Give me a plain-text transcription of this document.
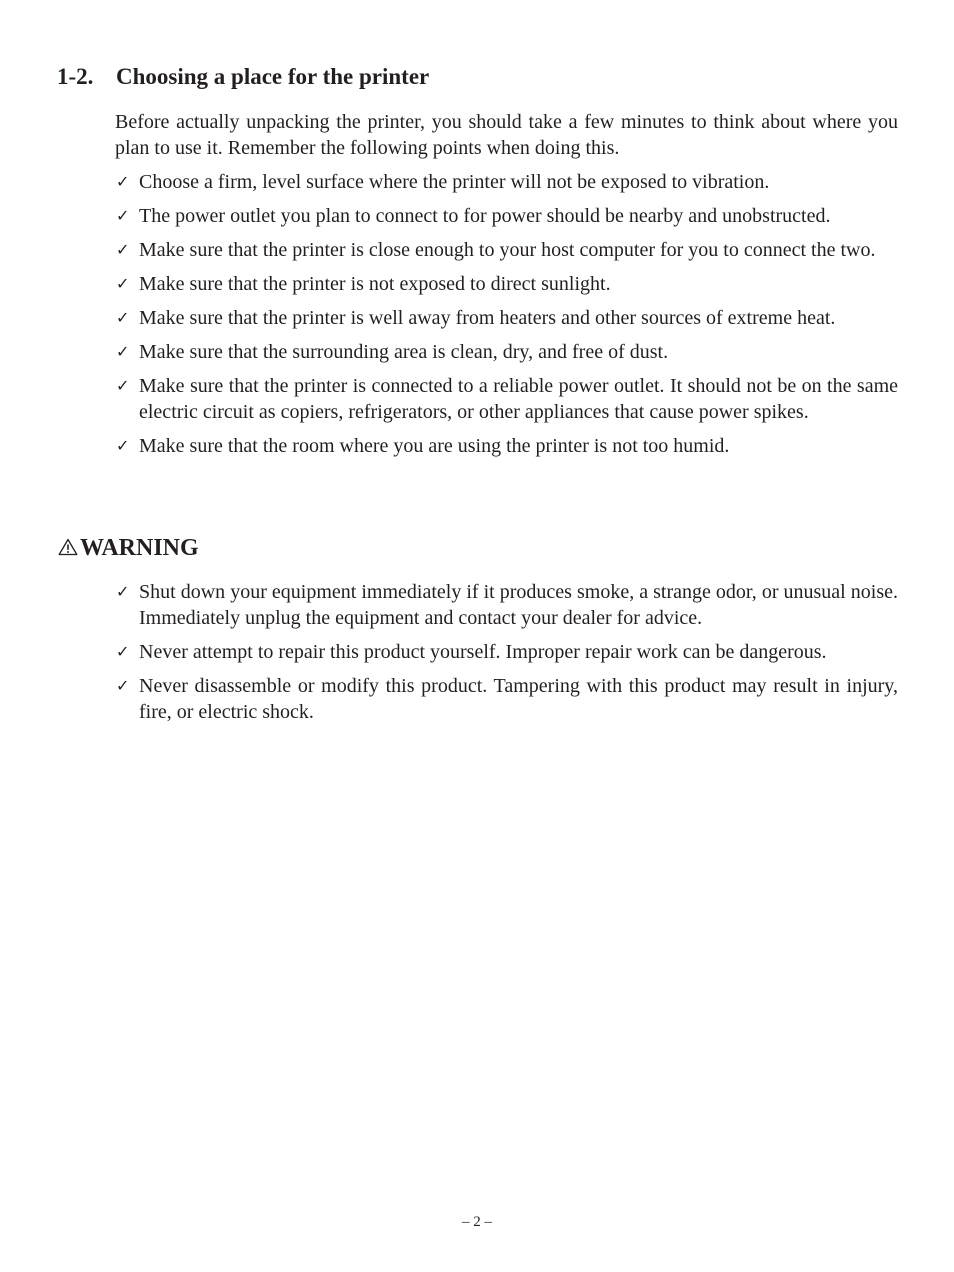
1-2. Choosing a place for the printer

Before actually unpacking the printer, you should take a few minutes to think about where you plan to use it. Remember the following points when doing this.

✓ Choose a firm, level surface where the printer will not be exposed to vibration.
✓ The power outlet you plan to connect to for power should be nearby and unobstructed.
✓ Make sure that the printer is close enough to your host computer for you to connect the two.
✓ Make sure that the printer is not exposed to direct sunlight.
✓ Make sure that the printer is well away from heaters and other sources of extreme heat.
✓ Make sure that the surrounding area is clean, dry, and free of dust.
✓ Make sure that the printer is connected to a reliable power outlet. It should not be on the same electric circuit as copiers, refrigerators, or other appliances that cause power spikes.
✓ Make sure that the room where you are using the printer is not too humid.
WARNING
✓ Shut down your equipment immediately if it produces smoke, a strange odor, or unusual noise. Immediately unplug the equipment and contact your dealer for advice.
✓ Never attempt to repair this product yourself. Improper repair work can be dangerous.
✓ Never disassemble or modify this product. Tampering with this product may result in injury, fire, or electric shock.
– 2 –
